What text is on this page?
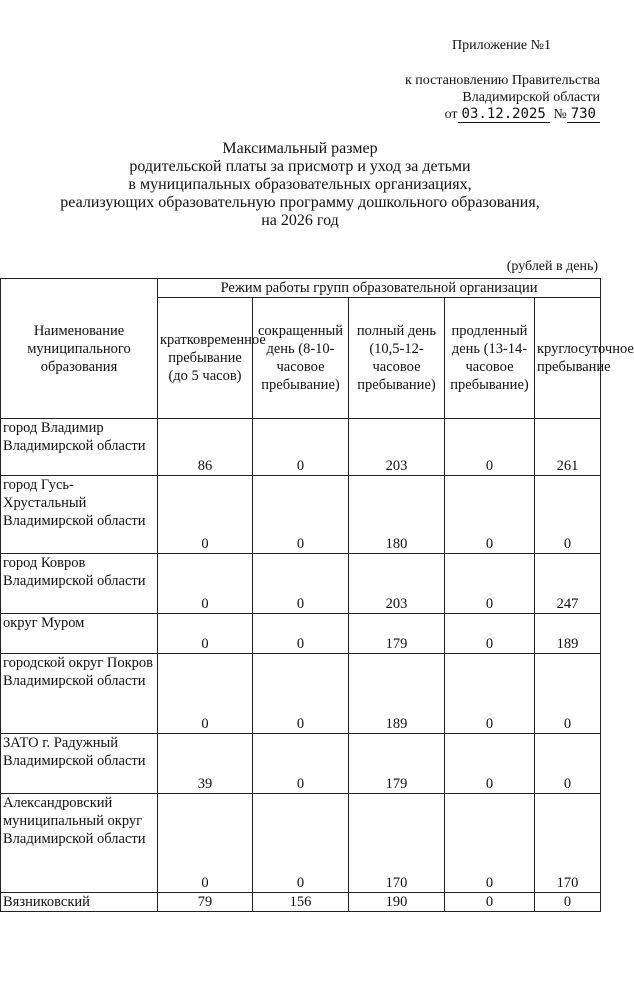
Приложение №1
к постановлению Правительства
Владимирской области
от 03.12.2025 № 730
Максимальный размер
родительской платы за присмотр и уход за детьми
в муниципальных образовательных организациях,
реализующих образовательную программу дошкольного образования,
на 2026 год
(рублей в день)
Наименование муниципального образования	Режим работы групп образовательной организации				
	кратковременное пребывание (до 5 часов)	сокращенный день (8-10-часовое пребывание)	полный день (10,5-12-часовое пребывание)	продленный день (13-14-часовое пребывание)	круглосуточное пребывание
город Владимир Владимирской области	86	0	203	0	261
город Гусь-Хрустальный Владимирской области	0	0	180	0	0
город Ковров Владимирской области	0	0	203	0	247
округ Муром	0	0	179	0	189
городской округ Покров Владимирской области	0	0	189	0	0
ЗАТО г. Радужный Владимирской области	39	0	179	0	0
Александровский муниципальный округ Владимирской области	0	0	170	0	170
Вязниковский	79	156	190	0	0
